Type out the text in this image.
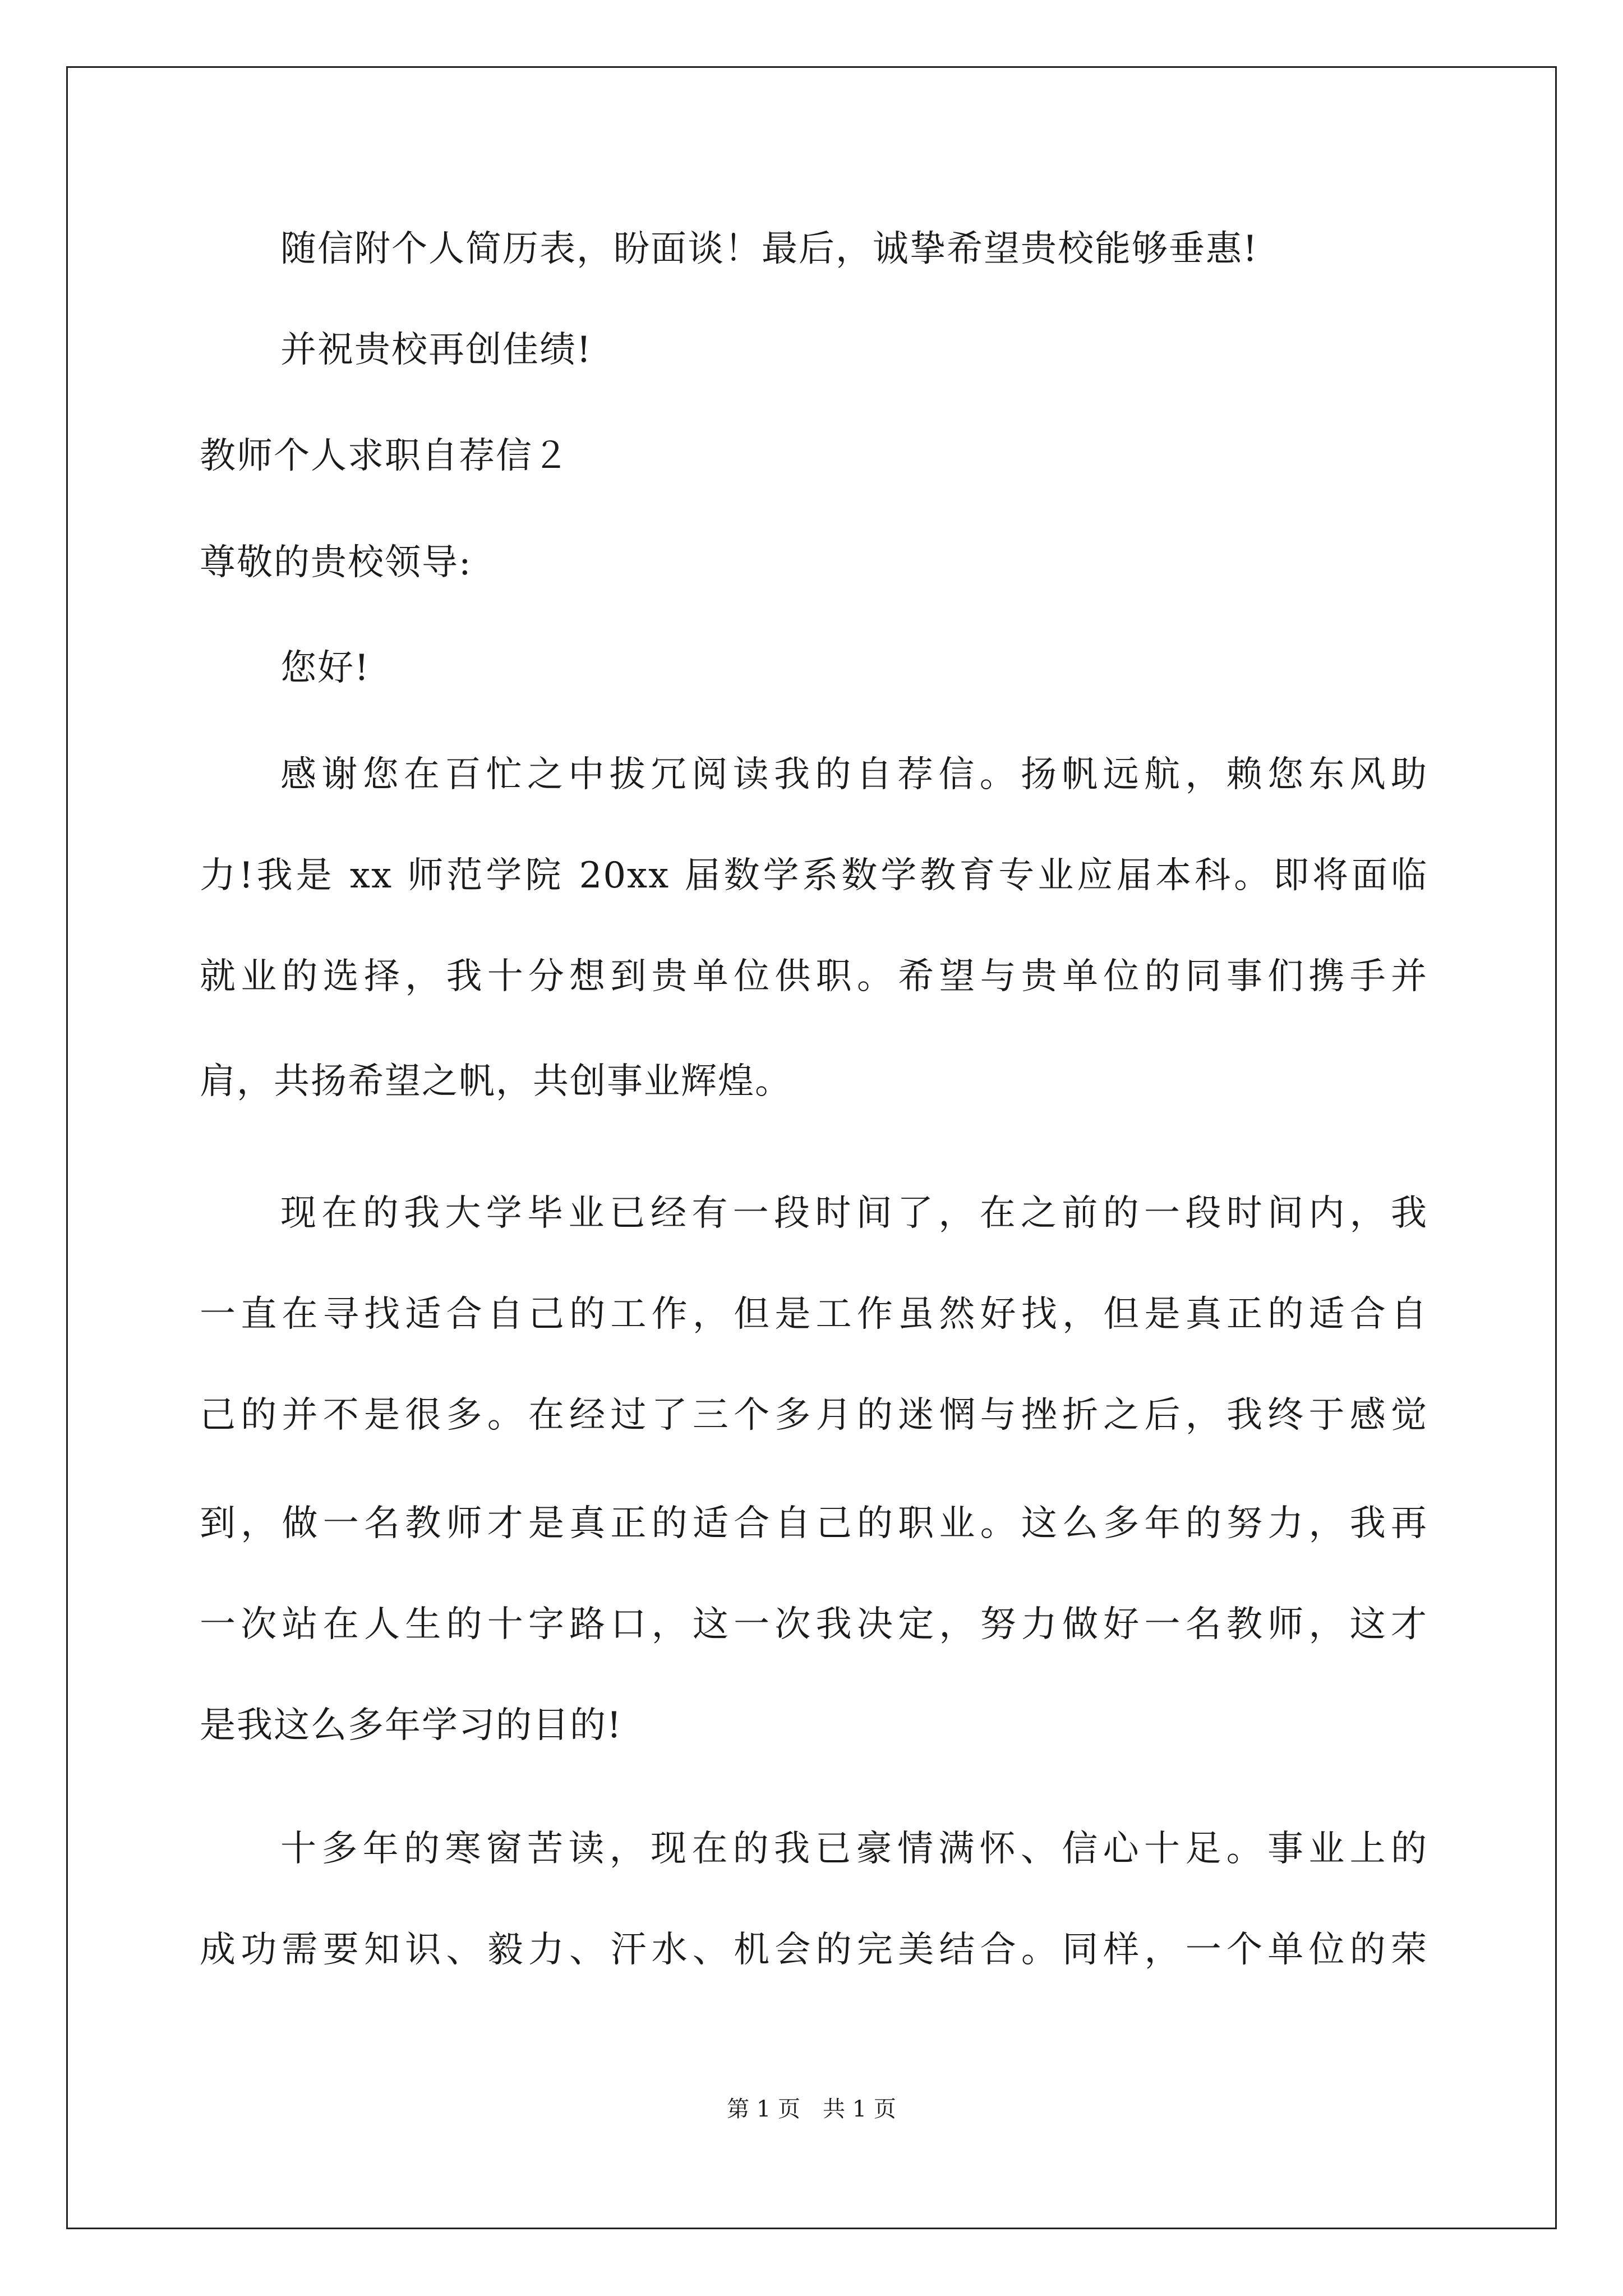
随信附个人简历表，盼面谈！最后，诚挚希望贵校能够垂惠!
并祝贵校再创佳绩!
教师个人求职自荐信２
尊敬的贵校领导:
您好!
感谢您在百忙之中拔冗阅读我的自荐信。扬帆远航，赖您东风助
力!我是 xx 师范学院 20xx 届数学系数学教育专业应届本科。即将面临
就业的选择，我十分想到贵单位供职。希望与贵单位的同事们携手并
肩，共扬希望之帆，共创事业辉煌。
现在的我大学毕业已经有一段时间了，在之前的一段时间内，我
一直在寻找适合自己的工作，但是工作虽然好找，但是真正的适合自
己的并不是很多。在经过了三个多月的迷惘与挫折之后，我终于感觉
到，做一名教师才是真正的适合自己的职业。这么多年的努力，我再
一次站在人生的十字路口，这一次我决定，努力做好一名教师，这才
是我这么多年学习的目的!
十多年的寒窗苦读，现在的我已豪情满怀、信心十足。事业上的
成功需要知识、毅力、汗水、机会的完美结合。同样，一个单位的荣
第 1 页　共 1 页
